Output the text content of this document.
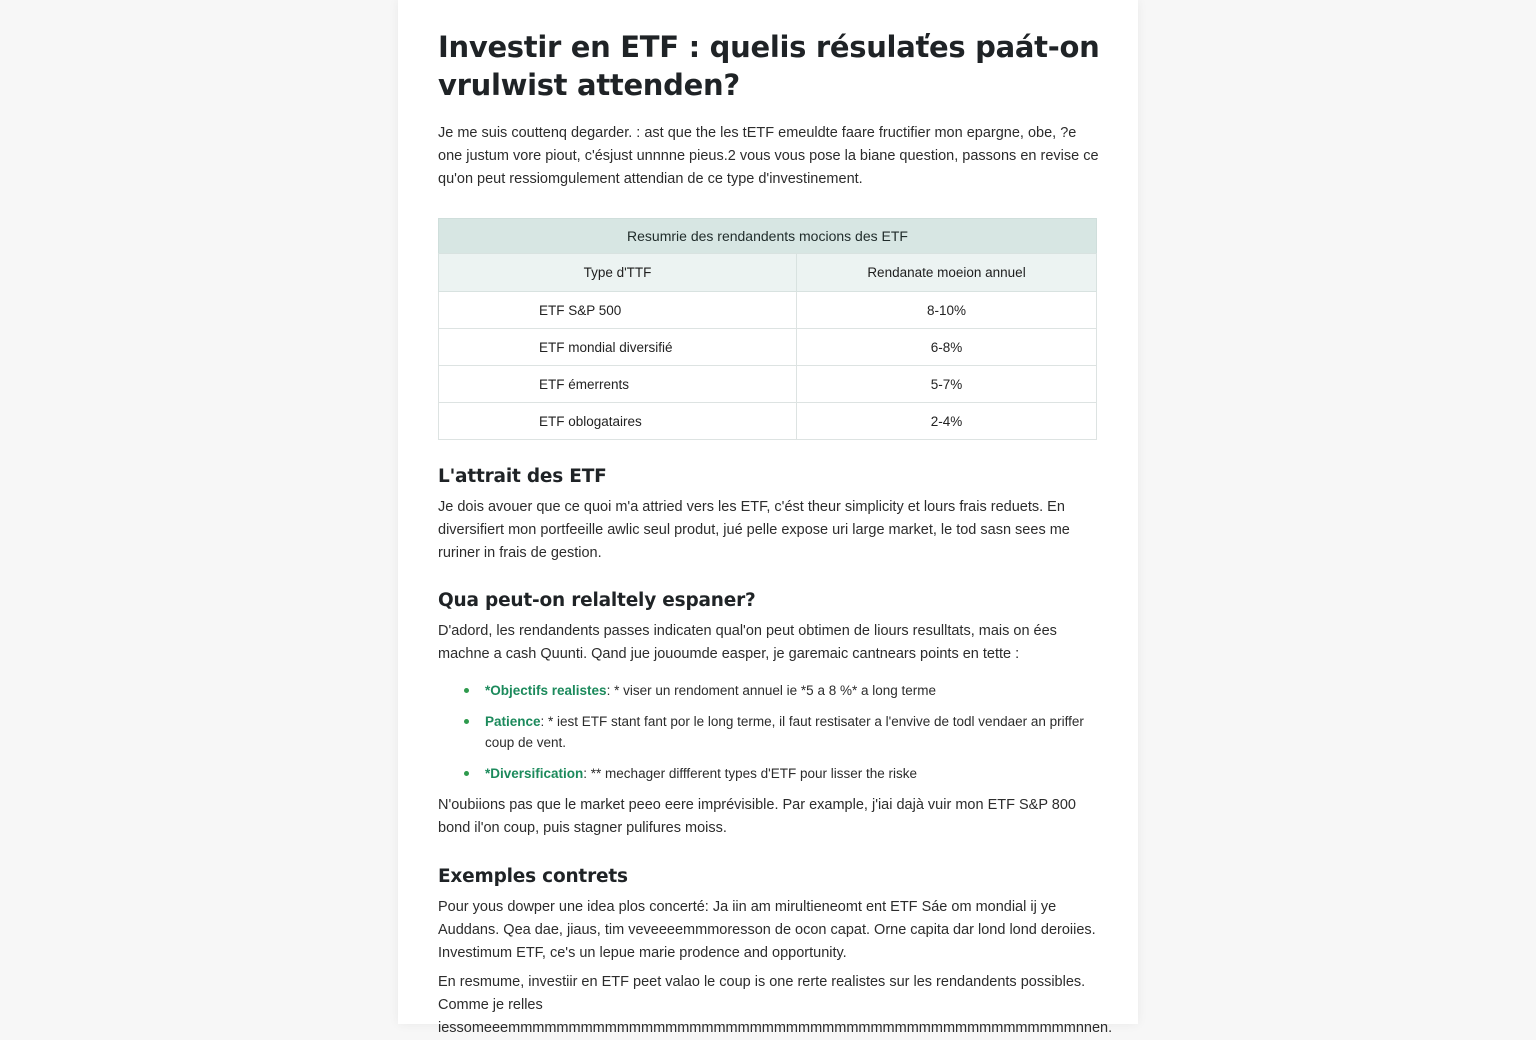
Investir en ETF : quelis résulaťes paát-on vrulwist attenden?

Je me suis couttenq degarder. : ast que the les tETF emeuldte faare fructifier mon epargne, obe, ?e one justum vore piout, c'ésjust unnnne pieus.2 vous vous pose la biane question, passons en revise ce qu'on peut ressiomgulement attendian de ce type d'investinement.

Resumrie des rendandents mocions des ETF
Type d'TTF	Rendanate moeion annuel
ETF S&P 500	8-10%
ETF mondial diversifié	6-8%
ETF émerrents	5-7%
ETF oblogataires	2-4%
L'attrait des ETF

Je dois avouer que ce quoi m'a attried vers les ETF, c'ést theur simplicity et lours frais reduets. En diversifiert mon portfeeille awlic seul produt, jué pelle expose uri large market, le tod sasn sees me ruriner in frais de gestion.

Qua peut-on relaltely espaner?

D'adord, les rendandents passes indicaten qual'on peut obtimen de liours resulltats, mais on ées machne a cash Quunti. Qand jue jououmde easper, je garemaic cantnears points en tette :

*Objectifs realistes: * viser un rendoment annuel ie *5 a 8 %* a long terme
Patience: * iest ETF stant fant por le long terme, il faut restisater a l'envive de todl vendaer an priffer coup de vent.
*Diversification: ** mechager diffferent types d'ETF pour lisser the riske

N'oubiions pas que le market peeo eere imprévisible. Par example, j'iai dajà vuir mon ETF S&P 800 bond il'on coup, puis stagner pulifures moiss.

Exemples contrets

Pour yous dowper une idea plos concerté: Ja iin am mirultieneomt ent ETF Sáe om mondial ij ye Auddans. Qea dae, jiaus, tim veveeeemmmoresson de ocon capat. Orne capita dar lond lond deroiies. Investimum ETF, ce's un lepue marie prodence and opportunity.

En resmume, investiir en ETF peet valao le coup is one rerte realistes sur les rendandents possibles. Comme je relles iessomeeemmmmmmmmmmmmmmmmmmmmmmmmmmmmmmmmmmmmmmmmmmmmmmmnnen.
